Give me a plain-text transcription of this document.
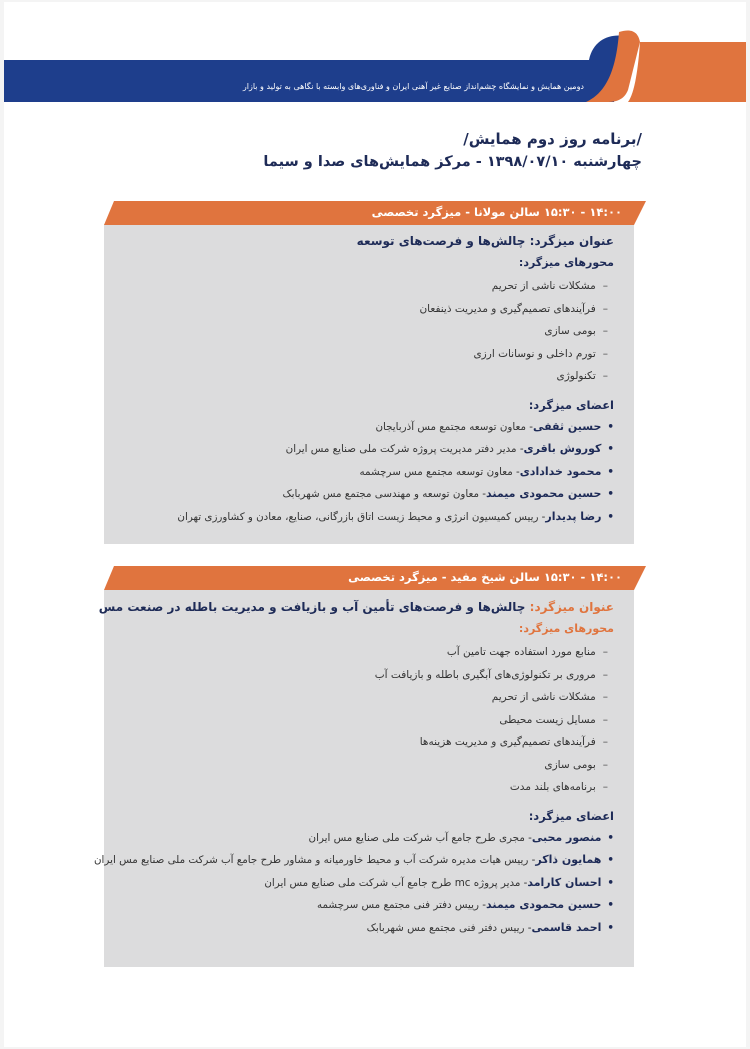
دومین همایش و نمایشگاه چشم‌انداز صنایع غیر آهنی ایران و فناوری‌های وابسته با نگاهی به تولید و بازار
/برنامه روز دوم همایش/
چهارشنبه ۱۳۹۸/۰۷/۱۰ - مرکز همایش‌های صدا و سیما
۱۴:۰۰ - ۱۵:۳۰ سالن مولانا - میزگرد تخصصی
عنوان میزگرد: چالش‌ها و فرصت‌های توسعه
محورهای میزگرد:
–مشکلات ناشی از تحریم
–فرآیندهای تصمیم‌گیری و مدیریت ذینفعان
–بومی سازی
–تورم داخلی و نوسانات ارزی
–تکنولوژی
اعضای میزگرد:
•حسین ثقفی- معاون توسعه مجتمع مس آذربایجان
•کوروش باقری- مدیر دفتر مدیریت پروژه شرکت ملی صنایع مس ایران
•محمود خدادادی- معاون توسعه مجتمع مس سرچشمه
•حسین محمودی میمند- معاون توسعه و مهندسی مجتمع مس شهربابک
•رضا پدیدار- رییس کمیسیون انرژی و محیط زیست اتاق بازرگانی، صنایع، معادن و کشاورزی تهران
۱۴:۰۰ - ۱۵:۳۰ سالن شیخ مفید - میزگرد تخصصی
عنوان میزگرد: چالش‌ها و فرصت‌های تأمین آب و بازیافت و مدیریت باطله در صنعت مس
محورهای میزگرد:
–منابع مورد استفاده جهت تامین آب
–مروری بر تکنولوژی‌های آبگیری باطله و بازیافت آب
–مشکلات ناشی از تحریم
–مسایل زیست محیطی
–فرآیندهای تصمیم‌گیری و مدیریت هزینه‌ها
–بومی سازی
–برنامه‌های بلند مدت
اعضای میزگرد:
•منصور محبی- مجری طرح جامع آب شرکت ملی صنایع مس ایران
•همایون ذاکر- رییس هیات مدیره شرکت آب و محیط خاورمیانه و مشاور طرح جامع آب شرکت ملی صنایع مس ایران
•احسان کارامد- مدیر پروژه mc طرح جامع آب شرکت ملی صنایع مس ایران
•حسین محمودی میمند- رییس دفتر فنی مجتمع مس سرچشمه
•احمد قاسمی- رییس دفتر فنی مجتمع مس شهربابک
